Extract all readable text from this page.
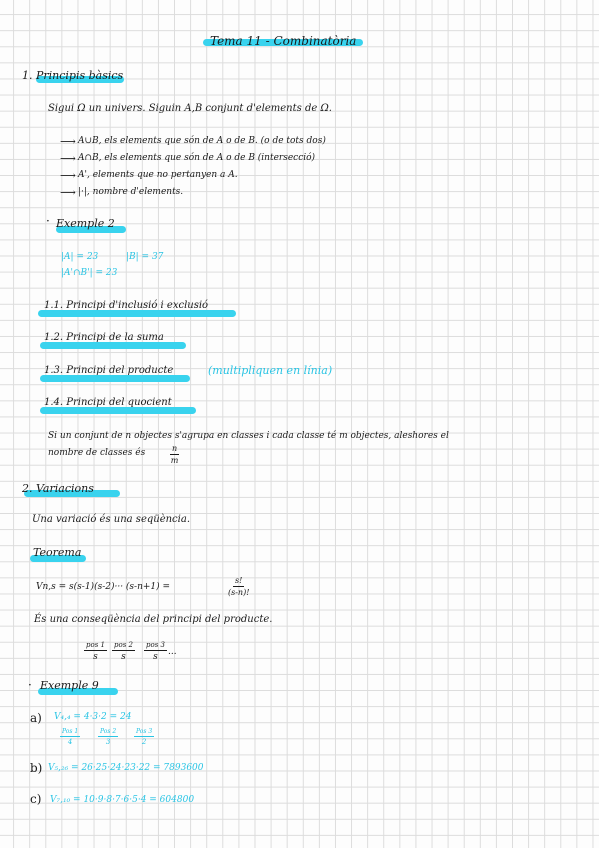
Tema 11 - Combinatòria
1. Principis bàsics
Sigui Ω un univers. Siguin A,B conjunt d'elements de Ω.
⟶ A∪B, els elements que són de A o de B. (o de tots dos)
⟶ A∩B, els elements que són de A o de B (intersecció)
⟶ A', elements que no pertanyen a A.
⟶ |·|, nombre d'elements.
· Exemple 2
|A| = 23	|B| = 37
|A'∩B'| = 23
1.1. Principi d'inclusió i exclusió
1.2. Principi de la suma
1.3. Principi del producte	(multipliquen en línia)
1.4. Principi del quocient
Si un conjunt de n objectes s'agrupa en classes i cada classe té m objectes, aleshores el
nombre de classes és	$\frac{n}{m}$
2. Variacions
Una variació és una seqüència.
Teorema
Vn,s = s(s-1)(s-2)··· (s-n+1) =	$\frac{s!}{(s-n)!}$
És una conseqüència del principi del producte.
pos 1
s
pos 2
s
pos 3
s ...
· Exemple 9
a) V₄,₄ = 4·3·2 = 24
Pos 1
4
Pos 2
3
Pos 3
2
b) V₅,₂₆ = 26·25·24·23·22 = 7893600
c) V₇,₁₀ = 10·9·8·7·6·5·4 = 604800
